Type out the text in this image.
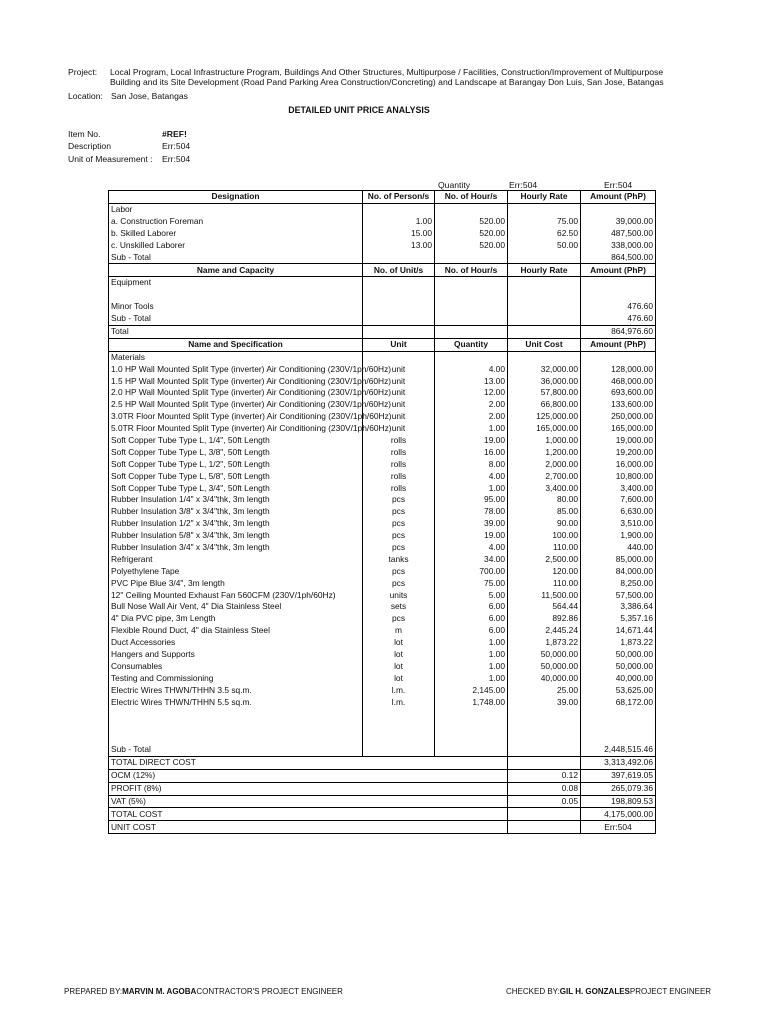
Project: Local Program, Local Infrastructure Program, Buildings And Other Structures, Multipurpose / Facilities, Construction/Improvement of Multipurpose Building and its Site Development (Road Pand Parking Area Construction/Concreting) and Landscape at Barangay Don Luis, San Jose, Batangas
Location: San Jose, Batangas
DETAILED UNIT PRICE ANALYSIS
Item No.	#REF!
Description	Err:504
Unit of Measurement : Err:504
Quantity	Err:504	Err:504
Designation	No. of Person/s	No. of Hour/s	Hourly Rate	Amount (PhP)
Labor				
a. Construction Foreman	1.00	520.00	75.00	39,000.00
b. Skilled Laborer	15.00	520.00	62.50	487,500.00
c. Unskilled Laborer	13.00	520.00	50.00	338,000.00
Sub - Total				864,500.00
Name and Capacity	No. of Unit/s	No. of Hour/s	Hourly Rate	Amount (PhP)
Equipment				

Minor Tools				476.60
Sub - Total				476.60
Total				864,976.60
Name and Specification	Unit	Quantity	Unit Cost	Amount (PhP)
Materials				
1.0 HP Wall Mounted Split Type (inverter) Air Conditioning (230V/1ph/60Hz)	unit	4.00	32,000.00	128,000.00
1.5 HP Wall Mounted Split Type (inverter) Air Conditioning (230V/1ph/60Hz)	unit	13.00	36,000.00	468,000.00
2.0 HP Wall Mounted Split Type (inverter) Air Conditioning (230V/1ph/60Hz)	unit	12.00	57,800.00	693,600.00
2.5 HP Wall Mounted Split Type (inverter) Air Conditioning (230V/1ph/60Hz)	unit	2.00	66,800.00	133,600.00
3.0TR Floor Mounted Split Type (inverter) Air Conditioning (230V/1ph/60Hz)	unit	2.00	125,000.00	250,000.00
5.0TR Floor Mounted Split Type (inverter) Air Conditioning (230V/1ph/60Hz)	unit	1.00	165,000.00	165,000.00
Soft Copper Tube Type L, 1/4", 50ft Length	rolls	19.00	1,000.00	19,000.00
Soft Copper Tube Type L, 3/8", 50ft Length	rolls	16.00	1,200.00	19,200.00
Soft Copper Tube Type L, 1/2", 50ft Length	rolls	8.00	2,000.00	16,000.00
Soft Copper Tube Type L, 5/8", 50ft Length	rolls	4.00	2,700.00	10,800.00
Soft Copper Tube Type L, 3/4", 50ft Length	rolls	1.00	3,400.00	3,400.00
Rubber Insulation 1/4" x 3/4"thk, 3m length	pcs	95.00	80.00	7,600.00
Rubber Insulation 3/8" x 3/4"thk, 3m length	pcs	78.00	85.00	6,630.00
Rubber Insulation 1/2" x 3/4"thk, 3m length	pcs	39.00	90.00	3,510.00
Rubber Insulation 5/8" x 3/4"thk, 3m length	pcs	19.00	100.00	1,900.00
Rubber Insulation 3/4" x 3/4"thk, 3m length	pcs	4.00	110.00	440.00
Refrigerant	tanks	34.00	2,500.00	85,000.00
Polyethylene Tape	pcs	700.00	120.00	84,000.00
PVC Pipe Blue 3/4", 3m length	pcs	75.00	110.00	8,250.00
12" Ceiling Mounted Exhaust Fan 560CFM (230V/1ph/60Hz)	units	5.00	11,500.00	57,500.00
Bull Nose Wall Air Vent, 4" Dia Stainless Steel	sets	6.00	564.44	3,386.64
4" Dia PVC pipe, 3m Length	pcs	6.00	892.86	5,357.16
Flexible Round Duct, 4" dia Stainless Steel	m	6.00	2,445.24	14,671.44
Duct Accessories	lot	1.00	1,873.22	1,873.22
Hangers and Supports	lot	1.00	50,000.00	50,000.00
Consumables	lot	1.00	50,000.00	50,000.00
Testing and Commissioning	lot	1.00	40,000.00	40,000.00
Electric Wires THWN/THHN 3.5 sq.m.	l.m.	2,145.00	25.00	53,625.00
Electric Wires THWN/THHN 5.5 sq.m.	l.m.	1,748.00	39.00	68,172.00

Sub - Total				2,448,515.46
TOTAL DIRECT COST				3,313,492.06
OCM (12%)			0.12	397,619.05
PROFIT (8%)			0.08	265,079.36
VAT (5%)			0.05	198,809.53
TOTAL COST				4,175,000.00
UNIT COST				Err:504
PREPARED BY:MARVIN M. AGOBACONTRACTOR'S PROJECT ENGINEER	CHECKED BY:GIL H. GONZALESPROJECT ENGINEER
